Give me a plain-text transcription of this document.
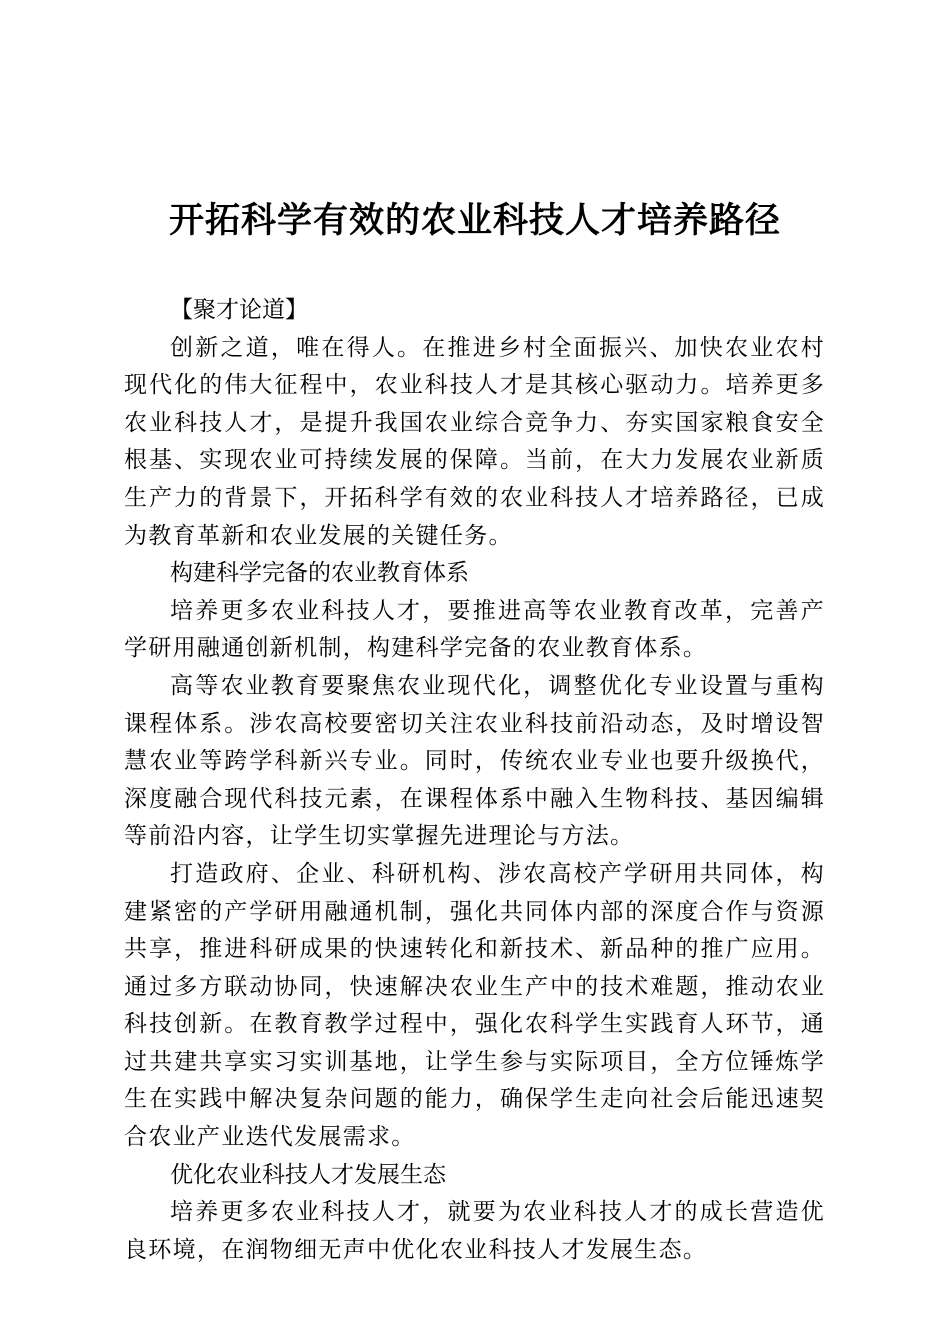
开拓科学有效的农业科技人才培养路径

【聚才论道】

创新之道，唯在得人。在推进乡村全面振兴、加快农业农村现代化的伟大征程中，农业科技人才是其核心驱动力。培养更多农业科技人才，是提升我国农业综合竞争力、夯实国家粮食安全根基、实现农业可持续发展的保障。当前，在大力发展农业新质生产力的背景下，开拓科学有效的农业科技人才培养路径，已成为教育革新和农业发展的关键任务。

构建科学完备的农业教育体系

培养更多农业科技人才，要推进高等农业教育改革，完善产学研用融通创新机制，构建科学完备的农业教育体系。

高等农业教育要聚焦农业现代化，调整优化专业设置与重构课程体系。涉农高校要密切关注农业科技前沿动态，及时增设智慧农业等跨学科新兴专业。同时，传统农业专业也要升级换代，深度融合现代科技元素，在课程体系中融入生物科技、基因编辑等前沿内容，让学生切实掌握先进理论与方法。

打造政府、企业、科研机构、涉农高校产学研用共同体，构建紧密的产学研用融通机制，强化共同体内部的深度合作与资源共享，推进科研成果的快速转化和新技术、新品种的推广应用。通过多方联动协同，快速解决农业生产中的技术难题，推动农业科技创新。在教育教学过程中，强化农科学生实践育人环节，通过共建共享实习实训基地，让学生参与实际项目，全方位锤炼学生在实践中解决复杂问题的能力，确保学生走向社会后能迅速契合农业产业迭代发展需求。

优化农业科技人才发展生态

培养更多农业科技人才，就要为农业科技人才的成长营造优良环境，在润物细无声中优化农业科技人才发展生态。
